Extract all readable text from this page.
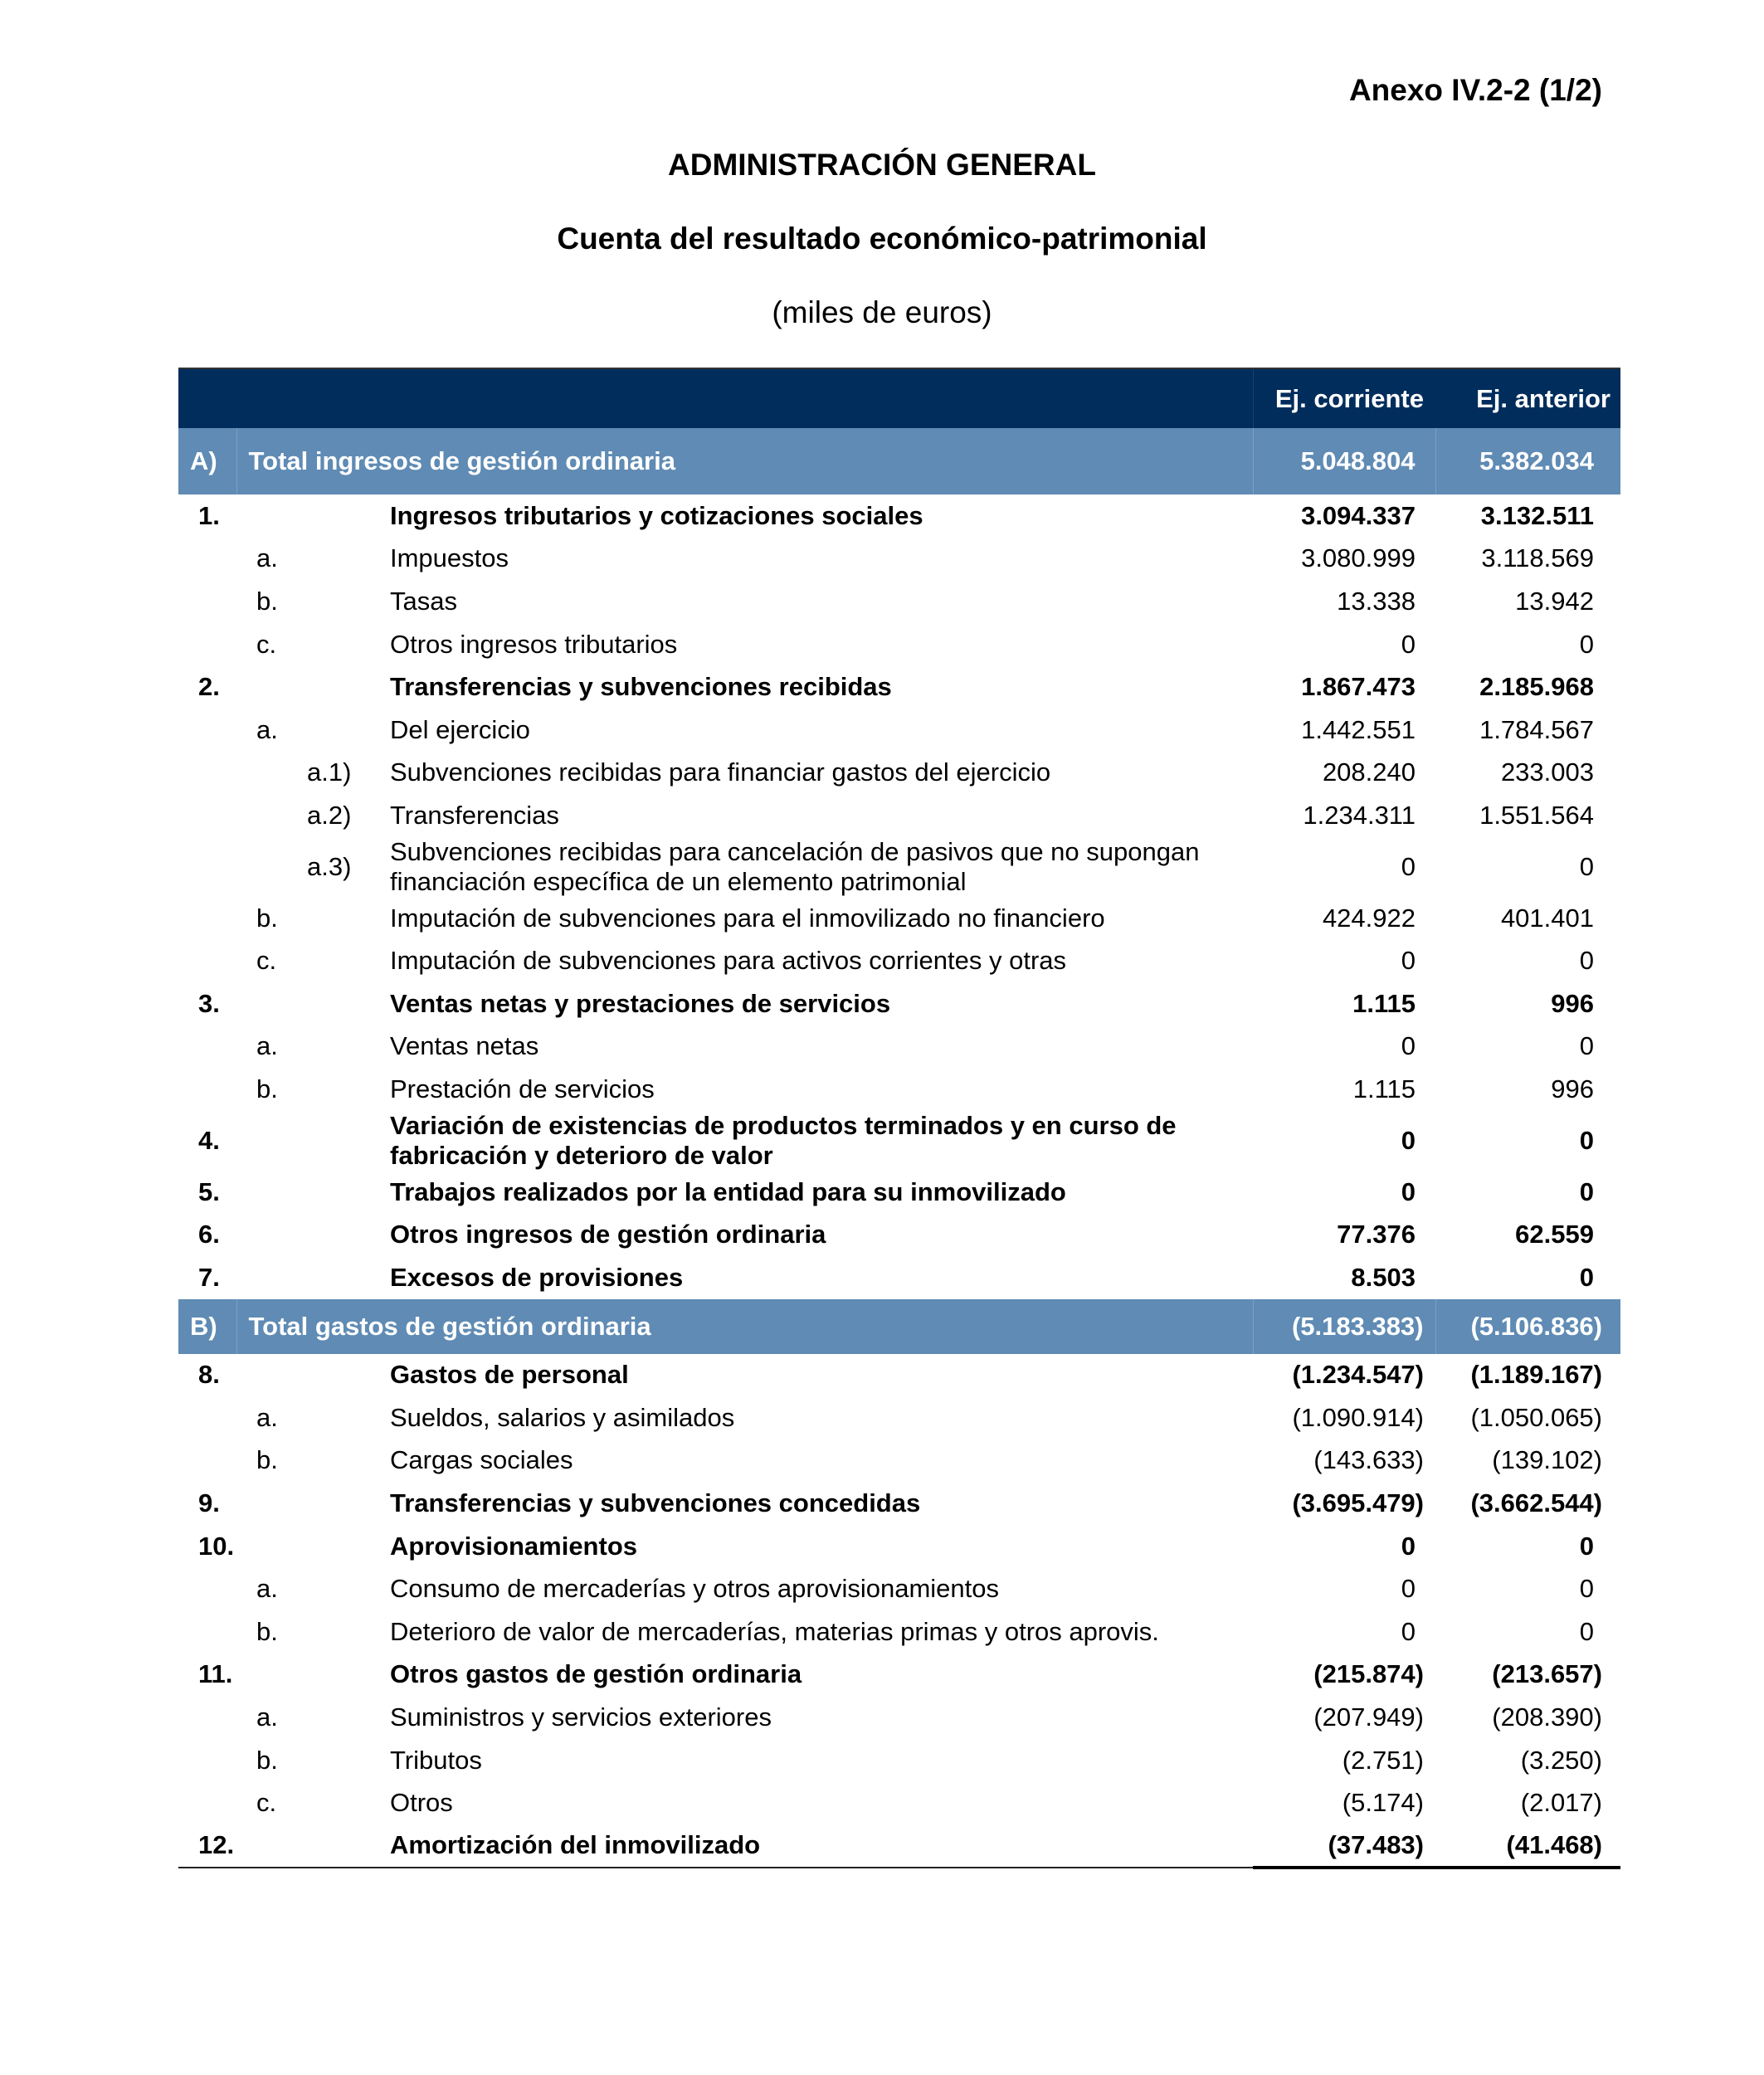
Anexo IV.2-2 (1/2)
ADMINISTRACIÓN GENERAL
Cuenta del resultado económico-patrimonial
(miles de euros)
				Ej. corriente	Ej. anterior
A)	Total ingresos de gestión ordinaria			5.048.804	5.382.034
1.			Ingresos tributarios y cotizaciones sociales	3.094.337	3.132.511
	a.		Impuestos	3.080.999	3.118.569
	b.		Tasas	13.338	13.942
	c.		Otros ingresos tributarios	0	0
2.			Transferencias y subvenciones recibidas	1.867.473	2.185.968
	a.		Del ejercicio	1.442.551	1.784.567
		a.1)	Subvenciones recibidas para financiar gastos del ejercicio	208.240	233.003
		a.2)	Transferencias	1.234.311	1.551.564
		a.3)	Subvenciones recibidas para cancelación de pasivos que no supongan financiación específica de un elemento patrimonial	0	0
	b.		Imputación de subvenciones para el inmovilizado no financiero	424.922	401.401
	c.		Imputación de subvenciones para activos corrientes y otras	0	0
3.			Ventas netas y prestaciones de servicios	1.115	996
	a.		Ventas netas	0	0
	b.		Prestación de servicios	1.115	996
4.			Variación de existencias de productos terminados y en curso de fabricación y deterioro de valor	0	0
5.			Trabajos realizados por la entidad para su inmovilizado	0	0
6.			Otros ingresos de gestión ordinaria	77.376	62.559
7.			Excesos de provisiones	8.503	0
B)	Total gastos de gestión ordinaria			(5.183.383)	(5.106.836)
8.			Gastos de personal	(1.234.547)	(1.189.167)
	a.		Sueldos, salarios y asimilados	(1.090.914)	(1.050.065)
	b.		Cargas sociales	(143.633)	(139.102)
9.			Transferencias y subvenciones concedidas	(3.695.479)	(3.662.544)
10.			Aprovisionamientos	0	0
	a.		Consumo de mercaderías y otros aprovisionamientos	0	0
	b.		Deterioro de valor de mercaderías, materias primas y otros aprovis.	0	0
11.			Otros gastos de gestión ordinaria	(215.874)	(213.657)
	a.		Suministros y servicios exteriores	(207.949)	(208.390)
	b.		Tributos	(2.751)	(3.250)
	c.		Otros	(5.174)	(2.017)
12.			Amortización del inmovilizado	(37.483)	(41.468)
